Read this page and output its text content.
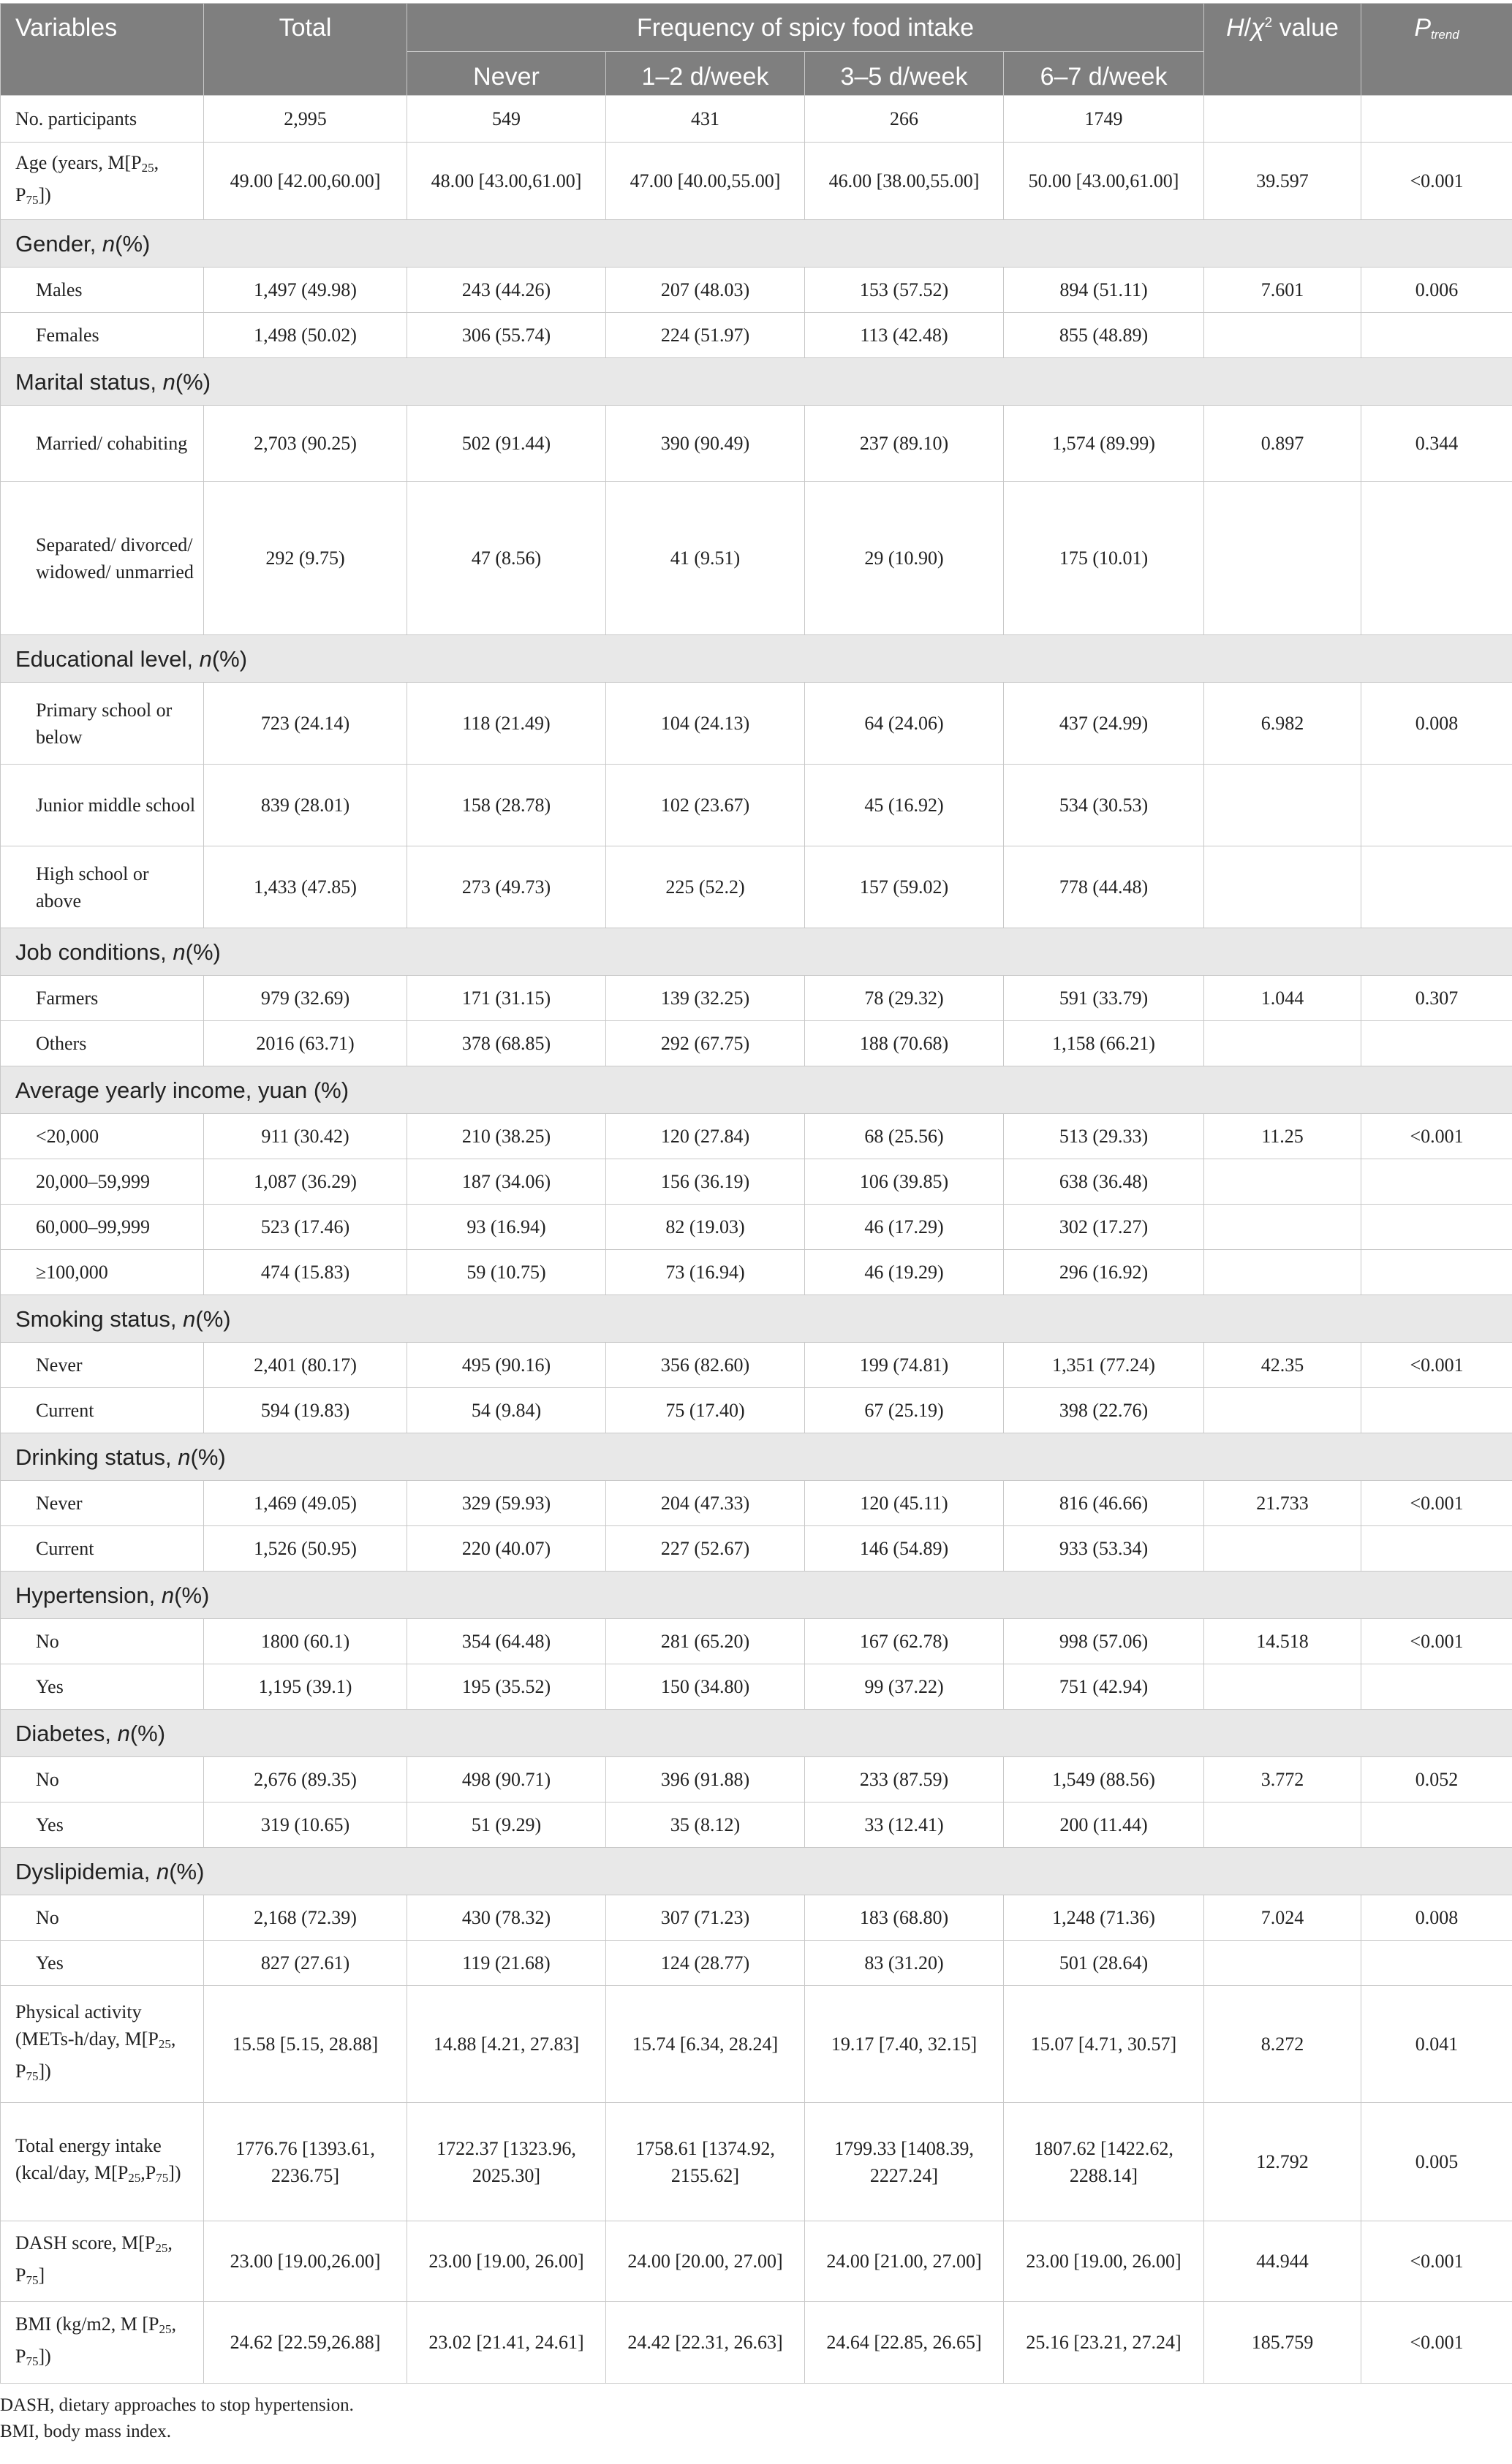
Variables	Total	Frequency of spicy food intake				$H/\chi^2$ value	$P_{trend}$
		Never	1–2 d/week	3–5 d/week	6–7 d/week		
No. participants	2,995	549	431	266	1749		
Age (years, $M[P_{25}$, $P_{75}$])	49.00 [42.00,60.00]	48.00 [43.00,61.00]	47.00 [40.00,55.00]	46.00 [38.00,55.00]	50.00 [43.00,61.00]	39.597	<0.001
Gender, n(%)							
Males	1,497 (49.98)	243 (44.26)	207 (48.03)	153 (57.52)	894 (51.11)	7.601	0.006
Females	1,498 (50.02)	306 (55.74)	224 (51.97)	113 (42.48)	855 (48.89)		
Marital status, n(%)							
Married/ cohabiting	2,703 (90.25)	502 (91.44)	390 (90.49)	237 (89.10)	1,574 (89.99)	0.897	0.344
Separated/ divorced/ widowed/ unmarried	292 (9.75)	47 (8.56)	41 (9.51)	29 (10.90)	175 (10.01)		
Educational level, n(%)							
Primary school or below	723 (24.14)	118 (21.49)	104 (24.13)	64 (24.06)	437 (24.99)	6.982	0.008
Junior middle school	839 (28.01)	158 (28.78)	102 (23.67)	45 (16.92)	534 (30.53)		
High school or above	1,433 (47.85)	273 (49.73)	225 (52.2)	157 (59.02)	778 (44.48)		
Job conditions, n(%)							
Farmers	979 (32.69)	171 (31.15)	139 (32.25)	78 (29.32)	591 (33.79)	1.044	0.307
Others	2016 (63.71)	378 (68.85)	292 (67.75)	188 (70.68)	1,158 (66.21)		
Average yearly income, yuan (%)							
<20,000	911 (30.42)	210 (38.25)	120 (27.84)	68 (25.56)	513 (29.33)	11.25	<0.001
20,000–59,999	1,087 (36.29)	187 (34.06)	156 (36.19)	106 (39.85)	638 (36.48)		
60,000–99,999	523 (17.46)	93 (16.94)	82 (19.03)	46 (17.29)	302 (17.27)		
≥100,000	474 (15.83)	59 (10.75)	73 (16.94)	46 (19.29)	296 (16.92)		
Smoking status, n(%)							
Never	2,401 (80.17)	495 (90.16)	356 (82.60)	199 (74.81)	1,351 (77.24)	42.35	<0.001
Current	594 (19.83)	54 (9.84)	75 (17.40)	67 (25.19)	398 (22.76)		
Drinking status, n(%)							
Never	1,469 (49.05)	329 (59.93)	204 (47.33)	120 (45.11)	816 (46.66)	21.733	<0.001
Current	1,526 (50.95)	220 (40.07)	227 (52.67)	146 (54.89)	933 (53.34)		
Hypertension, n(%)							
No	1800 (60.1)	354 (64.48)	281 (65.20)	167 (62.78)	998 (57.06)	14.518	<0.001
Yes	1,195 (39.1)	195 (35.52)	150 (34.80)	99 (37.22)	751 (42.94)		
Diabetes, n(%)							
No	2,676 (89.35)	498 (90.71)	396 (91.88)	233 (87.59)	1,549 (88.56)	3.772	0.052
Yes	319 (10.65)	51 (9.29)	35 (8.12)	33 (12.41)	200 (11.44)		
Dyslipidemia, n(%)							
No	2,168 (72.39)	430 (78.32)	307 (71.23)	183 (68.80)	1,248 (71.36)	7.024	0.008
Yes	827 (27.61)	119 (21.68)	124 (28.77)	83 (31.20)	501 (28.64)		
Physical activity (METs-h/day, $M[P_{25}$, $P_{75}$])	15.58 [5.15, 28.88]	14.88 [4.21, 27.83]	15.74 [6.34, 28.24]	19.17 [7.40, 32.15]	15.07 [4.71, 30.57]	8.272	0.041
Total energy intake (kcal/day, $M[P_{25},P_{75}]$)	1776.76 [1393.61, 2236.75]	1722.37 [1323.96, 2025.30]	1758.61 [1374.92, 2155.62]	1799.33 [1408.39, 2227.24]	1807.62 [1422.62, 2288.14]	12.792	0.005
DASH score, $M[P_{25}$, $P_{75}$]	23.00 [19.00,26.00]	23.00 [19.00, 26.00]	24.00 [20.00, 27.00]	24.00 [21.00, 27.00]	23.00 [19.00, 26.00]	44.944	<0.001
BMI (kg/m2, M [$P_{25}$, $P_{75}$])	24.62 [22.59,26.88]	23.02 [21.41, 24.61]	24.42 [22.31, 26.63]	24.64 [22.85, 26.65]	25.16 [23.21, 27.24]	185.759	<0.001
DASH, dietary approaches to stop hypertension.
BMI, body mass index.
